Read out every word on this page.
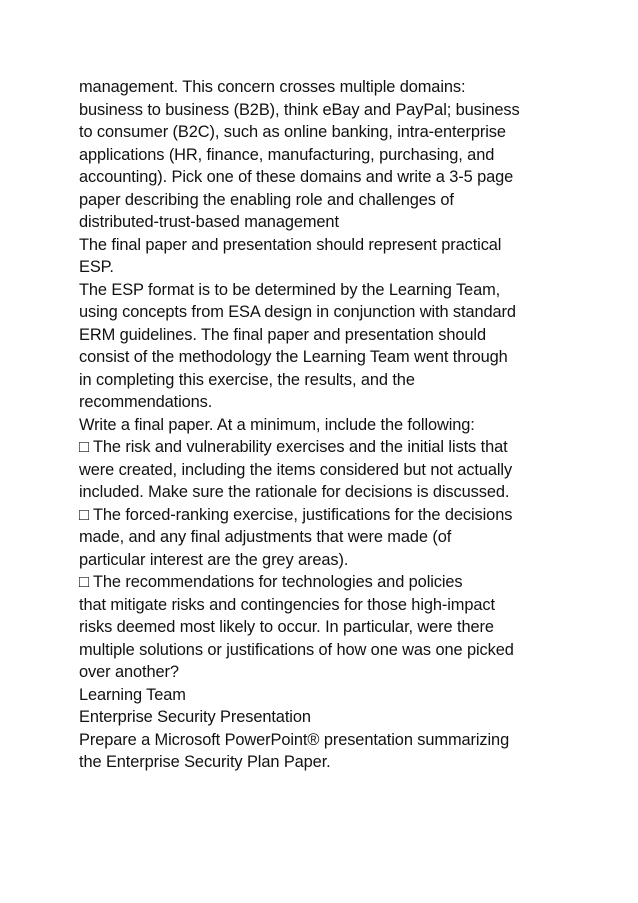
management. This concern crosses multiple domains:
business to business (B2B), think eBay and PayPal; business
to consumer (B2C), such as online banking, intra-enterprise
applications (HR, finance, manufacturing, purchasing, and
accounting). Pick one of these domains and write a 3-5 page
paper describing the enabling role and challenges of
distributed-trust-based management
The final paper and presentation should represent practical
ESP.
The ESP format is to be determined by the Learning Team,
using concepts from ESA design in conjunction with standard
ERM guidelines. The final paper and presentation should
consist of the methodology the Learning Team went through
in completing this exercise, the results, and the
recommendations.
Write a final paper. At a minimum, include the following:
□ The risk and vulnerability exercises and the initial lists that
were created, including the items considered but not actually
included. Make sure the rationale for decisions is discussed.
□ The forced-ranking exercise, justifications for the decisions
made, and any final adjustments that were made (of
particular interest are the grey areas).
□ The recommendations for technologies and policies
that mitigate risks and contingencies for those high-impact
risks deemed most likely to occur. In particular, were there
multiple solutions or justifications of how one was one picked
over another?
Learning Team
Enterprise Security Presentation
Prepare a Microsoft PowerPoint® presentation summarizing
the Enterprise Security Plan Paper.
